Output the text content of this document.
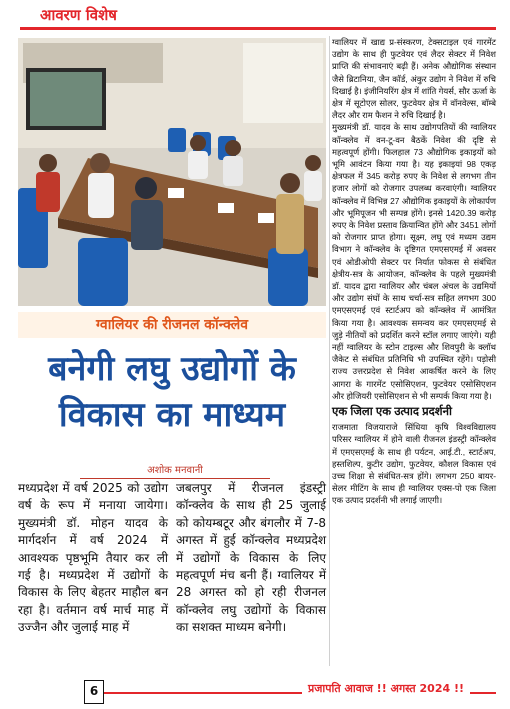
आवरण विशेष
ग्वालियर की रीजनल कॉन्क्लेव
बनेगी लघु उद्योगों के
विकास का माध्यम
अशोक मनवानी
मध्यप्रदेश में वर्ष 2025 को उद्योग वर्ष के रूप में मनाया जायेगा। मुख्यमंत्री डॉ. मोहन यादव के मार्गदर्शन में वर्ष 2024 में आवश्यक पृष्ठभूमि तैयार कर ली गई है। मध्यप्रदेश में उद्योगों के विकास के लिए बेहतर माहौल बन रहा है। वर्तमान वर्ष मार्च माह में उज्जैन और जुलाई माह में
जबलपुर में रीजनल इंडस्ट्री कॉन्क्लेव के साथ ही 25 जुलाई को कोयम्बटूर और बंगलौर में 7-8 अगस्त में हुई कॉन्क्लेव मध्यप्रदेश में उद्योगों के विकास के लिए महत्वपूर्ण मंच बनी हैं। ग्वालियर में 28 अगस्त को हो रही रीजनल कॉन्क्लेव लघु उद्योगों के विकास का सशक्त माध्यम बनेगी।

ग्वालियर में खाद्य प्र-संस्करण, टेक्सटाइल एवं गारमेंट उद्योग के साथ ही फुटवेयर एवं लैदर सेक्टर में निवेश प्राप्ति की संभावनाएं बढ़ी हैं। अनेक औद्योगिक संस्थान जैसे ब्रिटानिया, जैन कॉर्ड, अंकुर उद्योग ने निवेश में रुचि दिखाई है। इंजीनियरिंग क्षेत्र में शांति गेयर्स, सौर ऊर्जा के क्षेत्र में सूटोएल सोलर, फुटवेयर क्षेत्र में वॉनवेल्स, बॉम्बे लैदर और राम फैशन ने रुचि दिखाई है।

मुख्यमंत्री डॉ. यादव के साथ उद्योगपतियों की ग्वालियर कॉन्क्लेव में वन-टू-वन बैठकें निवेश की दृष्टि से महत्वपूर्ण होंगी। फिलहाल 73 औद्योगिक इकाइयों को भूमि आवंटन किया गया है। यह इकाइयां 98 एकड़ क्षेत्रफल में 345 करोड़ रुपए के निवेश से लगभग तीन हजार लोगों को रोजगार उपलब्ध करवाएंगी। ग्वालियर कॉन्क्लेव में विभिन्न 27 औद्योगिक इकाइयों के लोकार्पण और भूमिपूजन भी सम्पन्न होंगे। इनसे 1420.39 करोड़ रुपए के निवेश प्रस्ताव क्रियान्वित होंगे और 3451 लोगों को रोजगार प्राप्त होगा। सूक्ष्म, लघु एवं मध्यम उद्यम विभाग ने कॉन्क्लेव के दृष्टिगत एमएसएमई में अवसर एवं ओडीओपी सेक्टर पर निर्यात फोकस से संबंधित क्षेत्रीय-सत्र के आयोजन, कॉन्क्लेव के पहले मुख्यमंत्री डॉ. यादव द्वारा ग्वालियर और चंबल अंचल के उद्यमियों और उद्योग संघों के साथ चर्चा-सत्र सहित लगभग 300 एमएसएमई एवं स्टार्टअप को कॉन्क्लेव में आमंत्रित किया गया है। आवश्यक समन्वय कर एमएसएमई से जुड़े नीतियों को प्रदर्शित करने स्टॉल लगाए जाएंगे। यही नहीं ग्वालियर के स्टोन टाइल्स और शिवपुरी के क्लॉथ जैकेट से संबंधित प्रतिनिधि भी उपस्थित रहेंगे। पड़ोसी राज्य उत्तरप्रदेश से निवेश आकर्षित करने के लिए आगरा के गारमेंट एसोसिएशन, फुटवेयर एसोसिएशन और होजियरी एसोसिएशन से भी सम्पर्क किया गया है।

एक जिला एक उत्पाद प्रदर्शनी

राजमाता विजयाराजे सिंधिया कृषि विश्वविद्यालय परिसर ग्वालियर में होने वाली रीजनल इंडस्ट्री कॉन्क्लेव में एमएसएमई के साथ ही पर्यटन, आई.टी., स्टार्टअप, हस्तशिल्प, कुटीर उद्योग, फुटवेयर, कौशल विकास एवं उच्च शिक्षा से संबंधित-सत्र होंगे। लगभग 250 बायर-सेलर मीटिंग के साथ ही ग्वालियर एक्स-पो एक जिला एक उत्पाद प्रदर्शनी भी लगाई जाएगी।

6	प्रजापति आवाज !! अगस्त 2024 !!
